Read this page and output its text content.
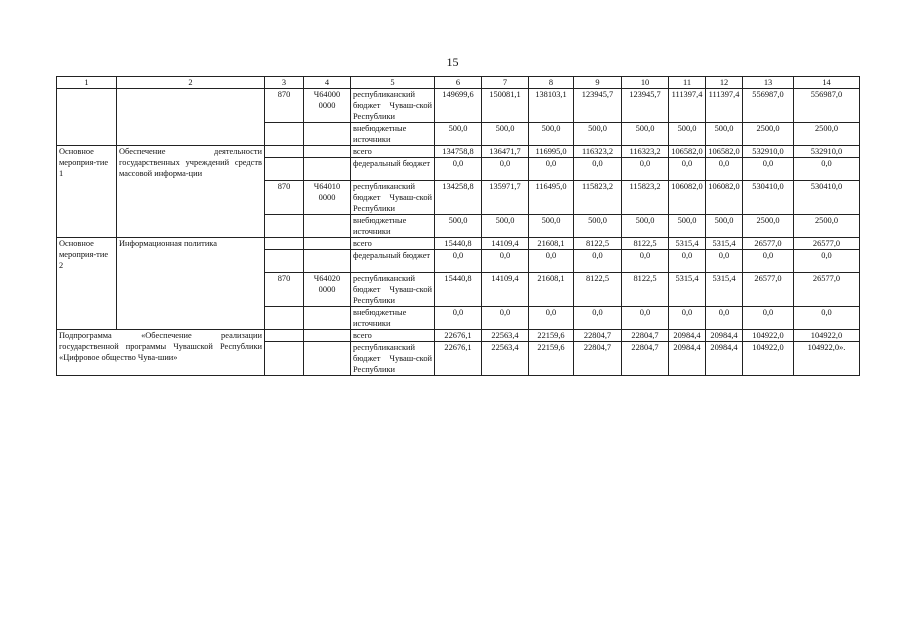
15
1	2	3	4	5	6	7	8	9	10	11	12	13	14
		870	Ч64000 0000	республиканский бюджет Чуваш-ской Республики	149699,6	150081,1	138103,1	123945,7	123945,7	111397,4	111397,4	556987,0	556987,0
				внебюджетные источники	500,0	500,0	500,0	500,0	500,0	500,0	500,0	2500,0	2500,0
Основное мероприя-тие 1	Обеспечение деятельности государственных учреждений средств массовой информа-ции			всего	134758,8	136471,7	116995,0	116323,2	116323,2	106582,0	106582,0	532910,0	532910,0
				федеральный бюджет	0,0	0,0	0,0	0,0	0,0	0,0	0,0	0,0	0,0
		870	Ч64010 0000	республиканский бюджет Чуваш-ской Республики	134258,8	135971,7	116495,0	115823,2	115823,2	106082,0	106082,0	530410,0	530410,0
				внебюджетные источники	500,0	500,0	500,0	500,0	500,0	500,0	500,0	2500,0	2500,0
Основное мероприя-тие 2	Информационная политика			всего	15440,8	14109,4	21608,1	8122,5	8122,5	5315,4	5315,4	26577,0	26577,0
				федеральный бюджет	0,0	0,0	0,0	0,0	0,0	0,0	0,0	0,0	0,0
		870	Ч64020 0000	республиканский бюджет Чуваш-ской Республики	15440,8	14109,4	21608,1	8122,5	8122,5	5315,4	5315,4	26577,0	26577,0
				внебюджетные источники	0,0	0,0	0,0	0,0	0,0	0,0	0,0	0,0	0,0
Подпрограмма «Обеспечение реализации государственной программы Чувашской Республики «Цифровое общество Чува-шии»				всего	22676,1	22563,4	22159,6	22804,7	22804,7	20984,4	20984,4	104922,0	104922,0
				республиканский бюджет Чуваш-ской Республики	22676,1	22563,4	22159,6	22804,7	22804,7	20984,4	20984,4	104922,0	104922,0».
